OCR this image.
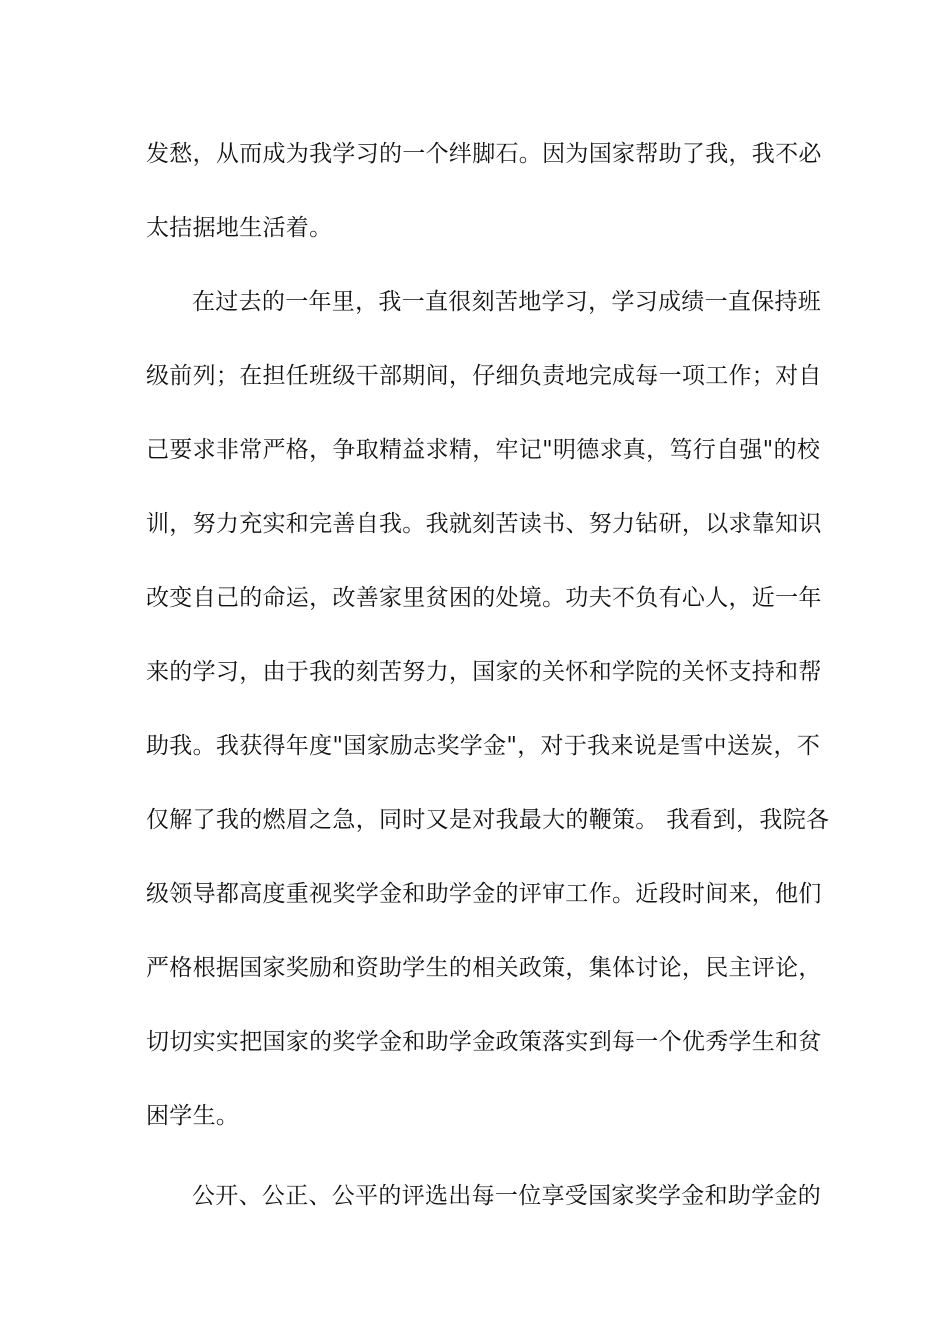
发愁，从而成为我学习的一个绊脚石。因为国家帮助了我，我不必
太拮据地生活着。
在过去的一年里，我一直很刻苦地学习，学习成绩一直保持班
级前列；在担任班级干部期间，仔细负责地完成每一项工作；对自
己要求非常严格，争取精益求精，牢记"明德求真，笃行自强"的校
训，努力充实和完善自我。我就刻苦读书、努力钻研，以求靠知识
改变自己的命运，改善家里贫困的处境。功夫不负有心人，近一年
来的学习，由于我的刻苦努力，国家的关怀和学院的关怀支持和帮
助我。我获得年度"国家励志奖学金"，对于我来说是雪中送炭，不
仅解了我的燃眉之急，同时又是对我最大的鞭策。 我看到，我院各
级领导都高度重视奖学金和助学金的评审工作。近段时间来，他们
严格根据国家奖励和资助学生的相关政策，集体讨论，民主评论，
切切实实把国家的奖学金和助学金政策落实到每一个优秀学生和贫
困学生。
公开、公正、公平的评选出每一位享受国家奖学金和助学金的
